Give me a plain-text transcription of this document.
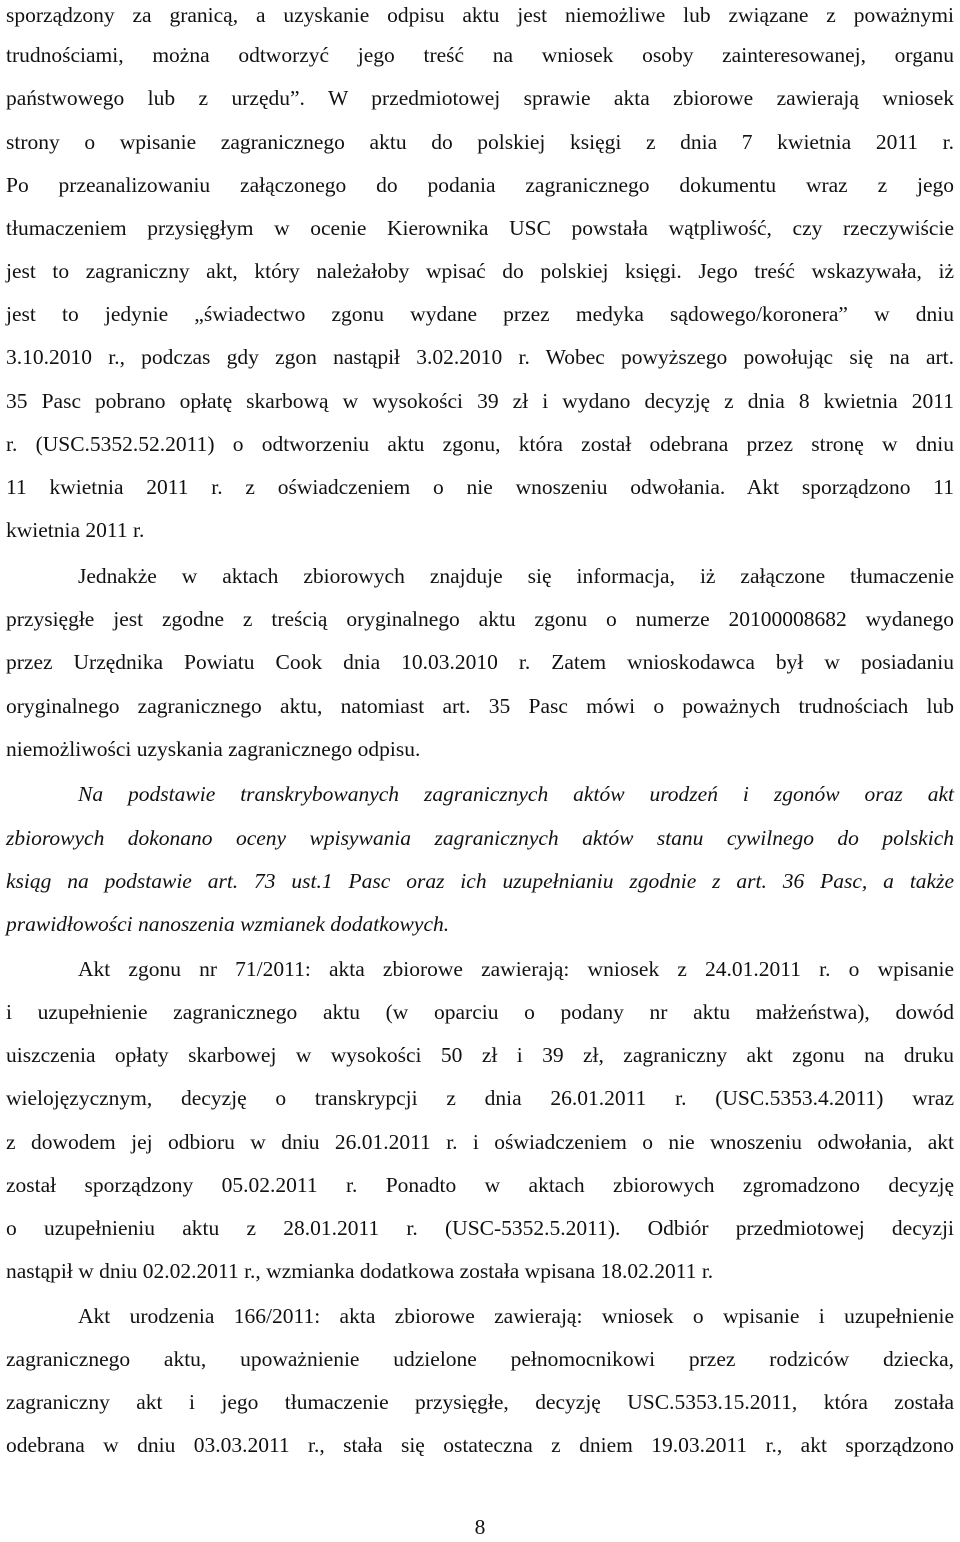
sporządzony za granicą, a uzyskanie odpisu aktu jest niemożliwe lub związane z poważnymi
trudnościami, można odtworzyć jego treść na wniosek osoby zainteresowanej, organu
państwowego lub z urzędu”. W przedmiotowej sprawie akta zbiorowe zawierają wniosek
strony o wpisanie zagranicznego aktu do polskiej księgi z dnia 7 kwietnia 2011 r.
Po przeanalizowaniu załączonego do podania zagranicznego dokumentu wraz z jego
tłumaczeniem przysięgłym w ocenie Kierownika USC powstała wątpliwość, czy rzeczywiście
jest to zagraniczny akt, który należałoby wpisać do polskiej księgi. Jego treść wskazywała, iż
jest to jedynie „świadectwo zgonu wydane przez medyka sądowego/koronera” w dniu
3.10.2010 r., podczas gdy zgon nastąpił 3.02.2010 r. Wobec powyższego powołując się na art.
35 Pasc pobrano opłatę skarbową w wysokości 39 zł i wydano decyzję z dnia 8 kwietnia 2011
r. (USC.5352.52.2011) o odtworzeniu aktu zgonu, która został odebrana przez stronę w dniu
11 kwietnia 2011 r. z oświadczeniem o nie wnoszeniu odwołania. Akt sporządzono 11
kwietnia 2011 r.
Jednakże w aktach zbiorowych znajduje się informacja, iż załączone tłumaczenie
przysięgłe jest zgodne z treścią oryginalnego aktu zgonu o numerze 20100008682 wydanego
przez Urzędnika Powiatu Cook dnia 10.03.2010 r. Zatem wnioskodawca był w posiadaniu
oryginalnego zagranicznego aktu, natomiast art. 35 Pasc mówi o poważnych trudnościach lub
niemożliwości uzyskania zagranicznego odpisu.
Na podstawie transkrybowanych zagranicznych aktów urodzeń i zgonów oraz akt
zbiorowych dokonano oceny wpisywania zagranicznych aktów stanu cywilnego do polskich
ksiąg na podstawie art. 73 ust.1 Pasc oraz ich uzupełnianiu zgodnie z art. 36 Pasc, a także
prawidłowości nanoszenia wzmianek dodatkowych.
Akt zgonu nr 71/2011: akta zbiorowe zawierają: wniosek z 24.01.2011 r. o wpisanie
i uzupełnienie zagranicznego aktu (w oparciu o podany nr aktu małżeństwa), dowód
uiszczenia opłaty skarbowej w wysokości 50 zł i 39 zł, zagraniczny akt zgonu na druku
wielojęzycznym, decyzję o transkrypcji z dnia 26.01.2011 r. (USC.5353.4.2011) wraz
z dowodem jej odbioru w dniu 26.01.2011 r. i oświadczeniem o nie wnoszeniu odwołania, akt
został sporządzony 05.02.2011 r. Ponadto w aktach zbiorowych zgromadzono decyzję
o uzupełnieniu aktu z 28.01.2011 r. (USC-5352.5.2011). Odbiór przedmiotowej decyzji
nastąpił w dniu 02.02.2011 r., wzmianka dodatkowa została wpisana 18.02.2011 r.
Akt urodzenia 166/2011: akta zbiorowe zawierają: wniosek o wpisanie i uzupełnienie
zagranicznego aktu, upoważnienie udzielone pełnomocnikowi przez rodziców dziecka,
zagraniczny akt i jego tłumaczenie przysięgłe, decyzję USC.5353.15.2011, która została
odebrana w dniu 03.03.2011 r., stała się ostateczna z dniem 19.03.2011 r., akt sporządzono
8
